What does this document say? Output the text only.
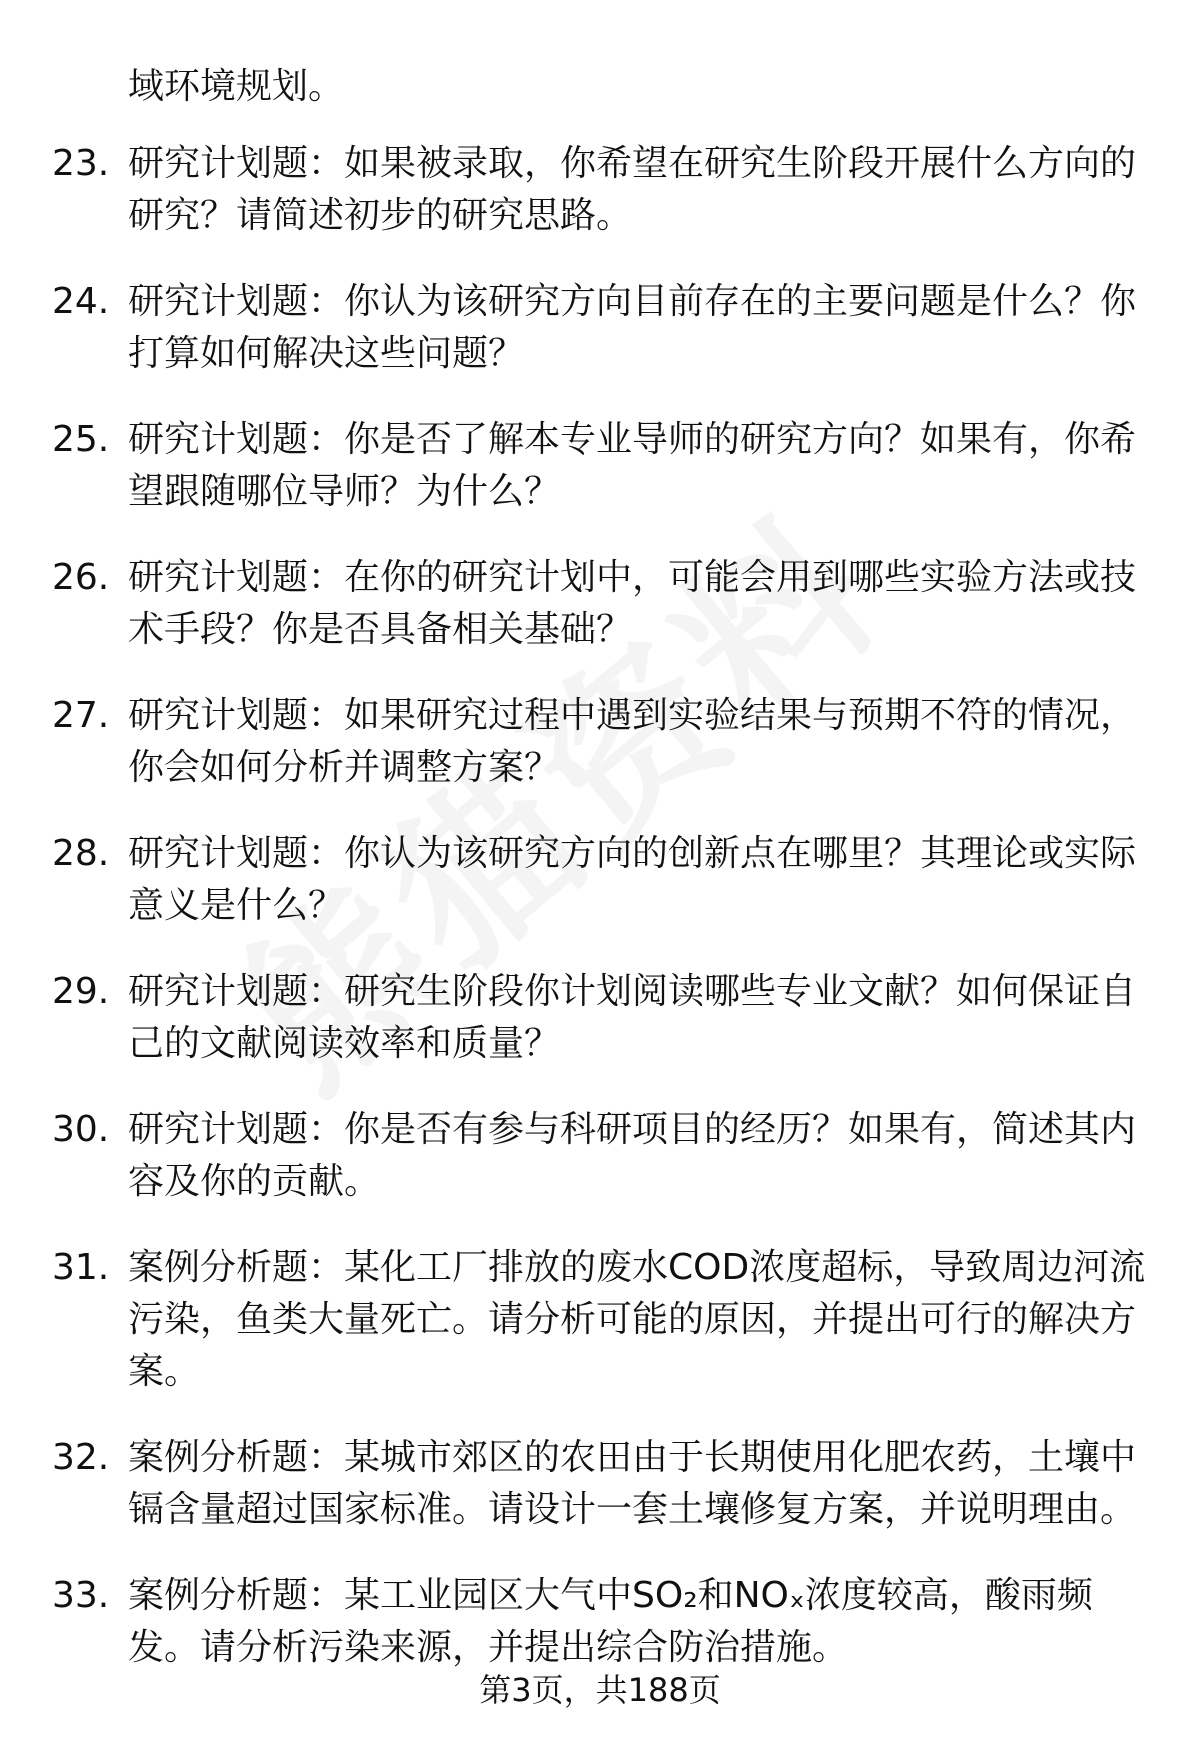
域环境规划。
23. 研究计划题：如果被录取，你希望在研究生阶段开展什么方向的研究？请简述初步的研究思路。
24. 研究计划题：你认为该研究方向目前存在的主要问题是什么？你打算如何解决这些问题？
25. 研究计划题：你是否了解本专业导师的研究方向？如果有，你希望跟随哪位导师？为什么？
26. 研究计划题：在你的研究计划中，可能会用到哪些实验方法或技术手段？你是否具备相关基础？
27. 研究计划题：如果研究过程中遇到实验结果与预期不符的情况，你会如何分析并调整方案？
28. 研究计划题：你认为该研究方向的创新点在哪里？其理论或实际意义是什么？
29. 研究计划题：研究生阶段你计划阅读哪些专业文献？如何保证自己的文献阅读效率和质量？
30. 研究计划题：你是否有参与科研项目的经历？如果有，简述其内容及你的贡献。
31. 案例分析题：某化工厂排放的废水COD浓度超标，导致周边河流污染，鱼类大量死亡。请分析可能的原因，并提出可行的解决方案。
32. 案例分析题：某城市郊区的农田由于长期使用化肥农药，土壤中镉含量超过国家标准。请设计一套土壤修复方案，并说明理由。
33. 案例分析题：某工业园区大气中SO₂和NOₓ浓度较高，酸雨频发。请分析污染来源，并提出综合防治措施。
第3页，共188页
